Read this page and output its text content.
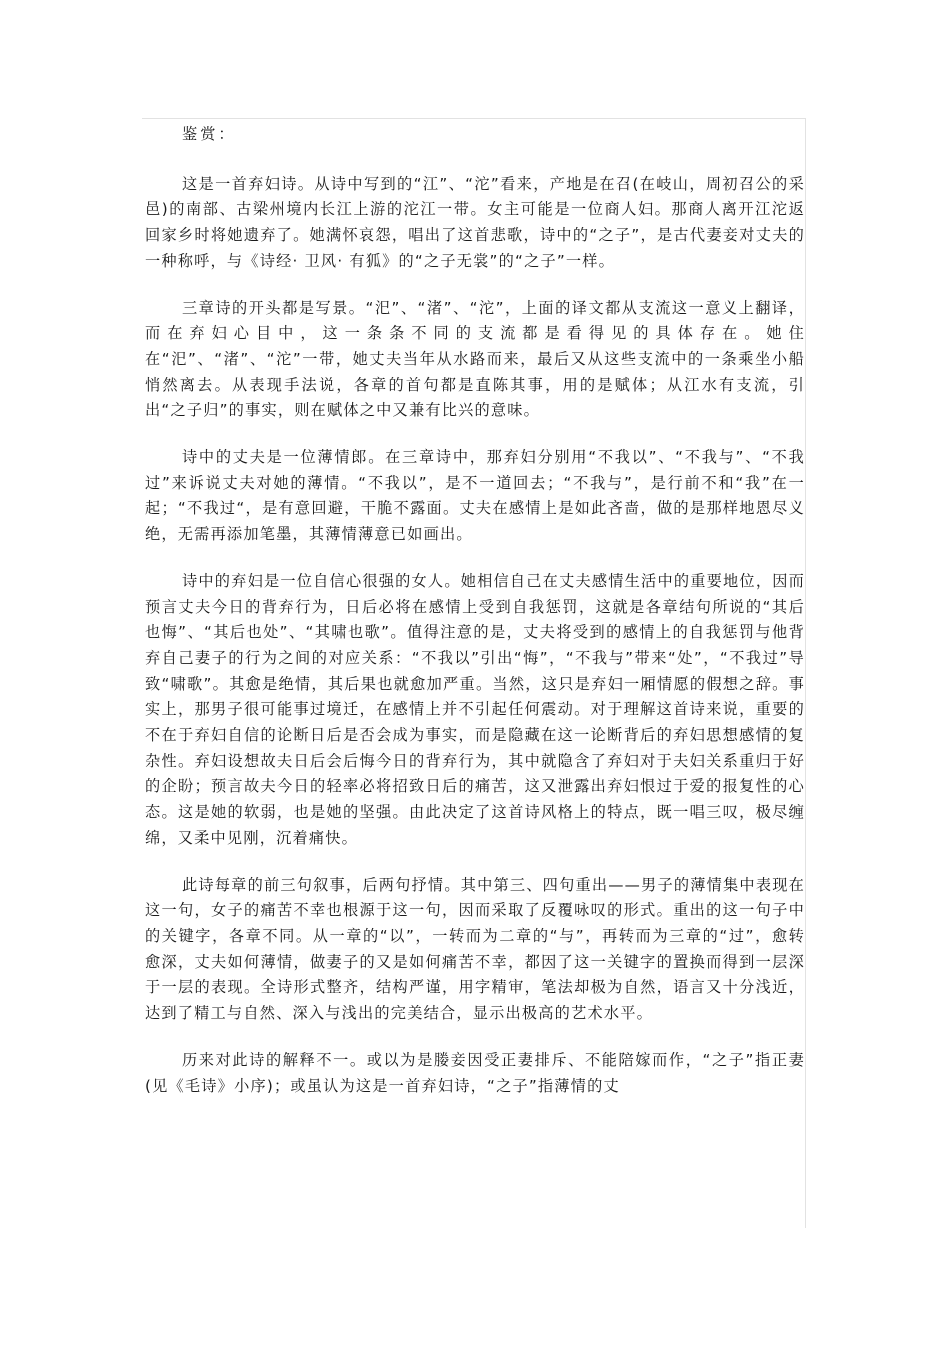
鉴赏：

这是一首弃妇诗。从诗中写到的“江”、“沱”看来，产地是在召(在岐山，周初召公的采邑)的南部、古梁州境内长江上游的沱江一带。女主可能是一位商人妇。那商人离开江沱返回家乡时将她遗弃了。她满怀哀怨，唱出了这首悲歌，诗中的“之子”，是古代妻妾对丈夫的一种称呼，与《诗经· 卫风· 有狐》的“之子无裳”的“之子”一样。

三章诗的开头都是写景。“汜”、“渚”、“沱”，上面的译文都从支流这一意义上翻译，而在弃妇心目中，这一条条不同的支流都是看得见的具体存在。她住在“汜”、“渚”、“沱”一带，她丈夫当年从水路而来，最后又从这些支流中的一条乘坐小船悄然离去。从表现手法说，各章的首句都是直陈其事，用的是赋体；从江水有支流，引出“之子归”的事实，则在赋体之中又兼有比兴的意味。

诗中的丈夫是一位薄情郎。在三章诗中，那弃妇分别用“不我以”、“不我与”、“不我过”来诉说丈夫对她的薄情。“不我以”，是不一道回去；“不我与”，是行前不和“我”在一起；“不我过“，是有意回避，干脆不露面。丈夫在感情上是如此吝啬，做的是那样地恩尽义绝，无需再添加笔墨，其薄情薄意已如画出。

诗中的弃妇是一位自信心很强的女人。她相信自己在丈夫感情生活中的重要地位，因而预言丈夫今日的背弃行为，日后必将在感情上受到自我惩罚，这就是各章结句所说的“其后也悔”、“其后也处”、“其啸也歌”。值得注意的是，丈夫将受到的感情上的自我惩罚与他背弃自己妻子的行为之间的对应关系：“不我以”引出“悔”，“不我与”带来“处”，“不我过”导致“啸歌”。其愈是绝情，其后果也就愈加严重。当然，这只是弃妇一厢情愿的假想之辞。事实上，那男子很可能事过境迁，在感情上并不引起任何震动。对于理解这首诗来说，重要的不在于弃妇自信的论断日后是否会成为事实，而是隐藏在这一论断背后的弃妇思想感情的复杂性。弃妇设想故夫日后会后悔今日的背弃行为，其中就隐含了弃妇对于夫妇关系重归于好的企盼；预言故夫今日的轻率必将招致日后的痛苦，这又泄露出弃妇恨过于爱的报复性的心态。这是她的软弱，也是她的坚强。由此决定了这首诗风格上的特点，既一唱三叹，极尽缠绵，又柔中见刚，沉着痛快。

此诗每章的前三句叙事，后两句抒情。其中第三、四句重出——男子的薄情集中表现在这一句，女子的痛苦不幸也根源于这一句，因而采取了反覆咏叹的形式。重出的这一句子中的关键字，各章不同。从一章的“以”，一转而为二章的“与”，再转而为三章的“过”，愈转愈深，丈夫如何薄情，做妻子的又是如何痛苦不幸，都因了这一关键字的置换而得到一层深于一层的表现。全诗形式整齐，结构严谨，用字精审，笔法却极为自然，语言又十分浅近，达到了精工与自然、深入与浅出的完美结合，显示出极高的艺术水平。

历来对此诗的解释不一。或以为是媵妾因受正妻排斥、不能陪嫁而作，“之子”指正妻(见《毛诗》小序)；或虽认为这是一首弃妇诗，“之子”指薄情的丈
